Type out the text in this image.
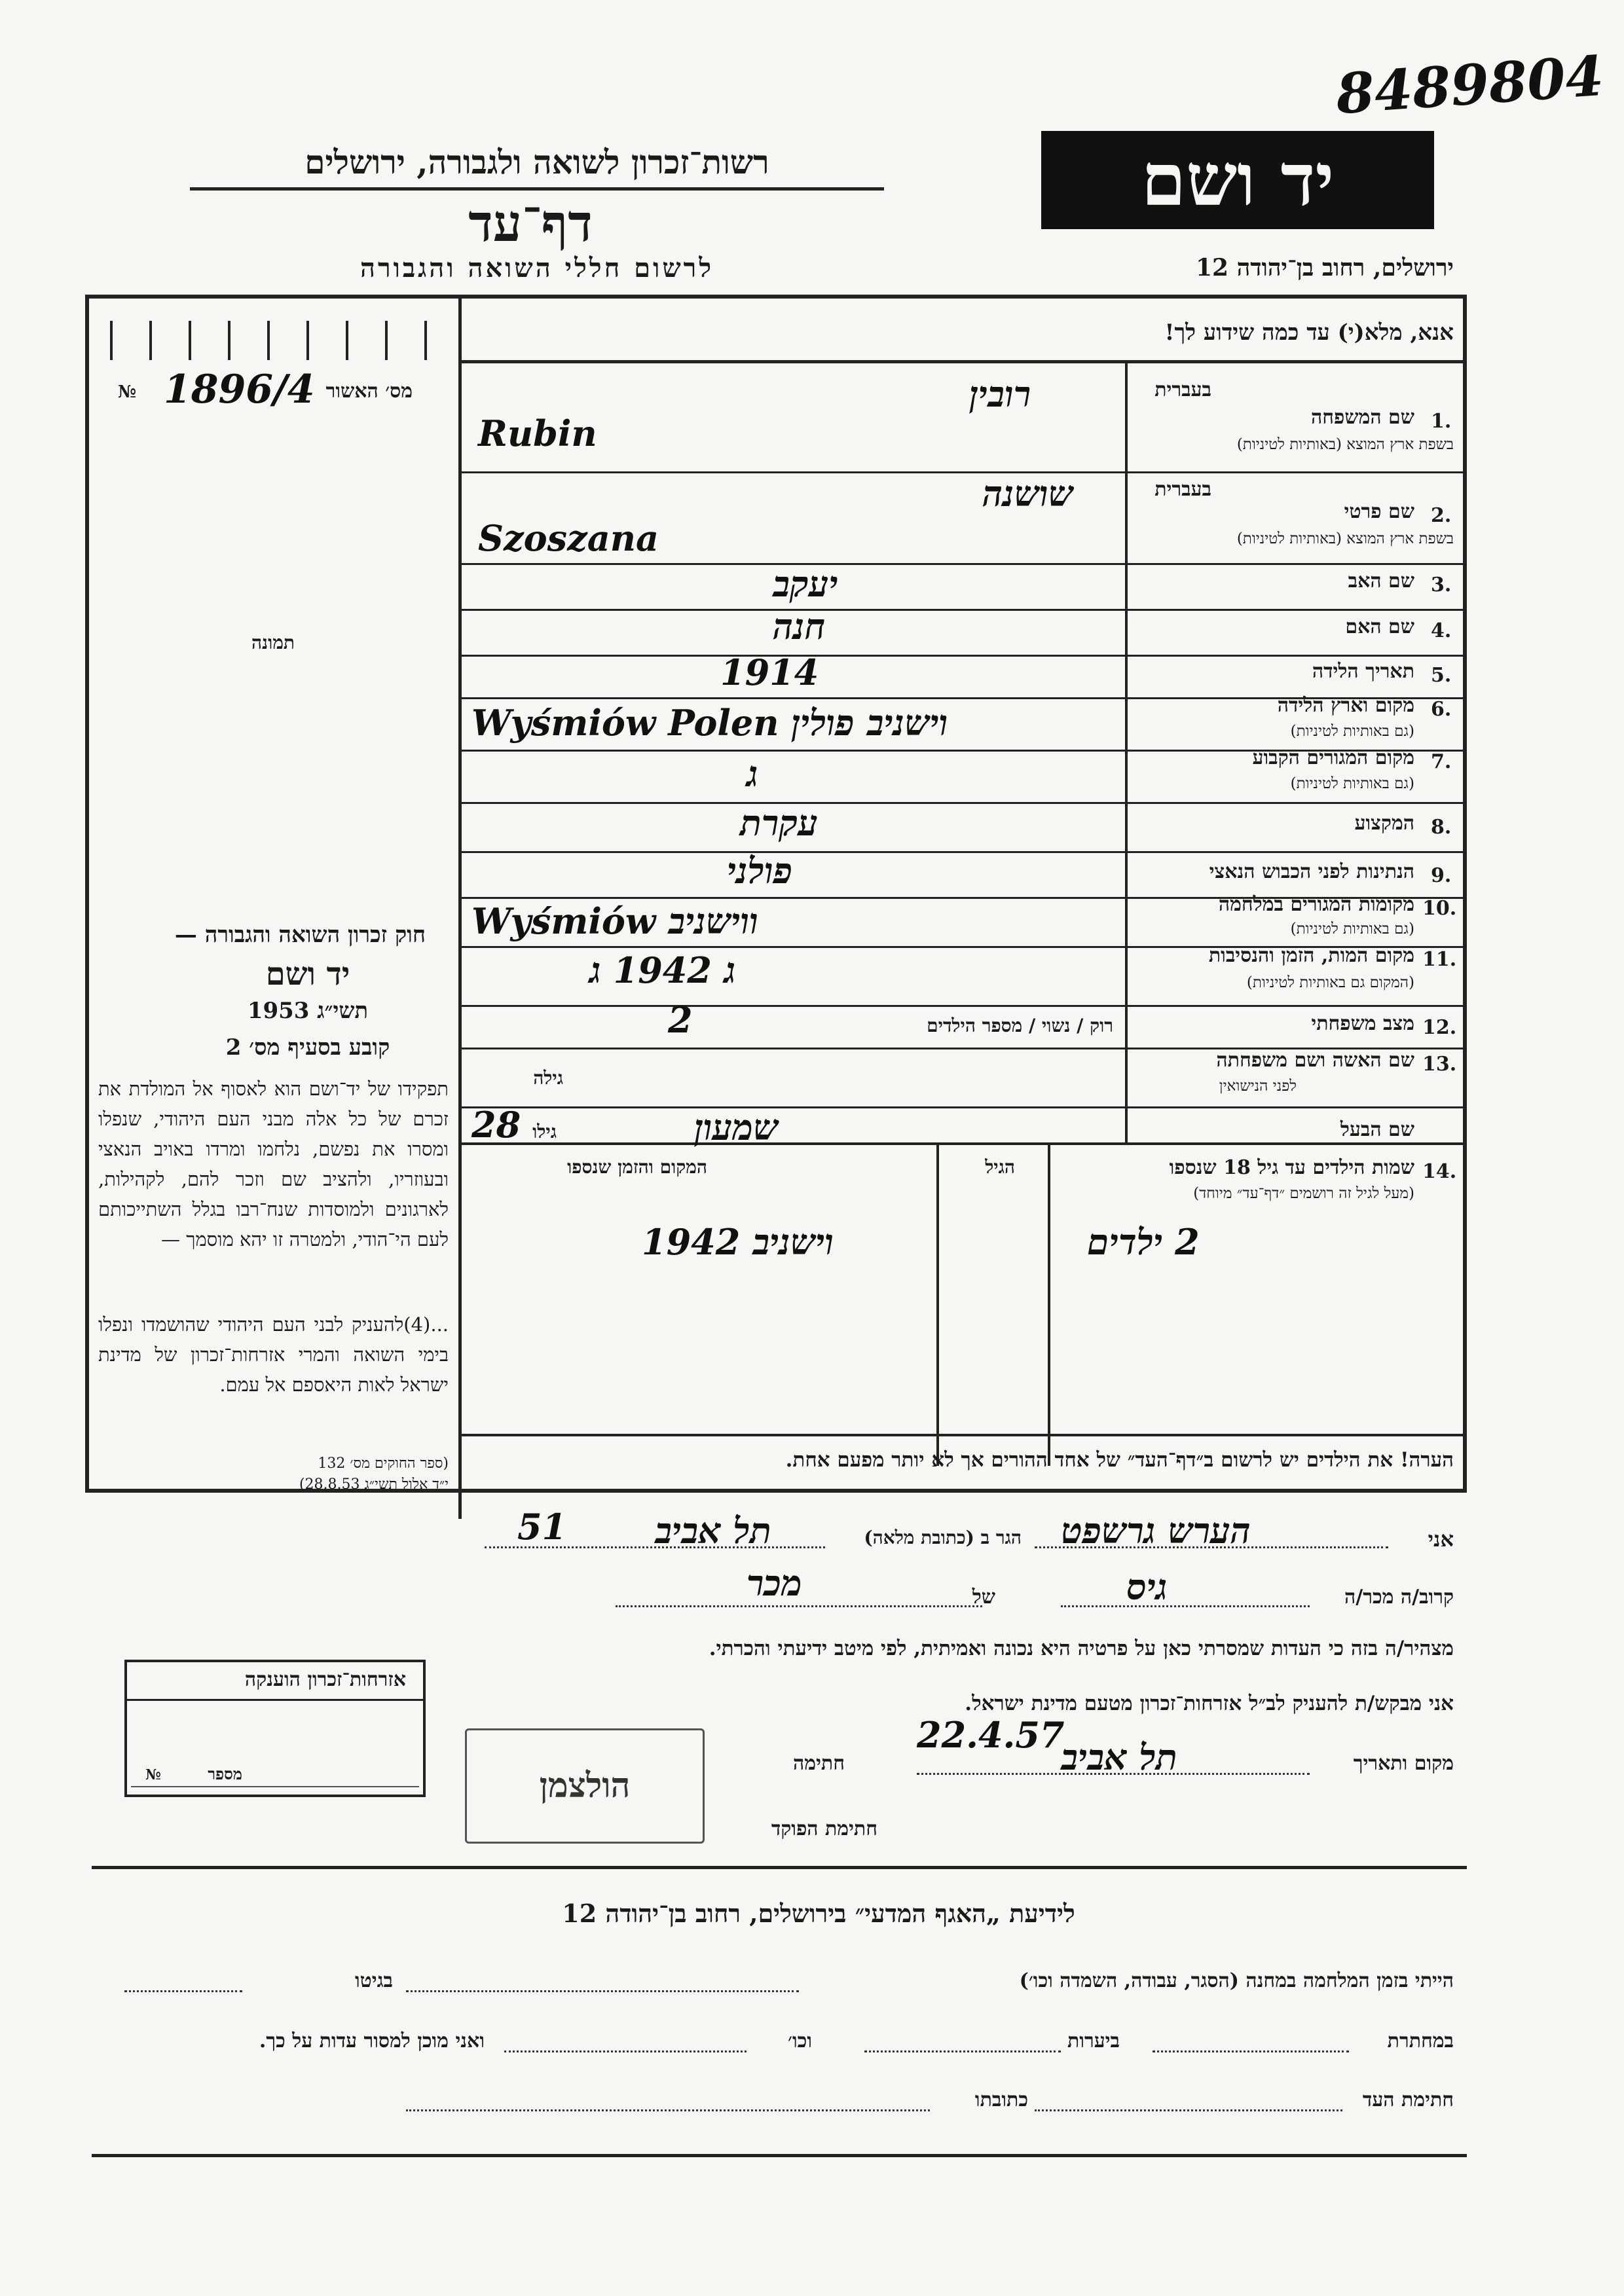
8489804
רשות־זכרון לשואה ולגבורה, ירושלים
דף־עד
לרשום חללי השואה והגבורה
יד ושם
ירושלים, רחוב בן־יהודה 12
מס׳ האשור
№ 1896/4
תמונה
חוק זכרון השואה והגבורה —
יד ושם
תשי״ג 1953
קובע בסעיף מס׳ 2
תפקידו של יד־ושם הוא לאסוף אל המולדת את זכרם של כל אלה מבני העם היהודי, שנפלו ומסרו את נפשם, נלחמו ומרדו באויב הנאצי ובעוזריו, ולהציב שם וזכר להם, לקהילות, לארגונים ולמוסדות שנח־רבו בגלל השתייכותם לעם הי־הודי, ולמטרה זו יהא מוסמך —
...(4)להעניק לבני העם היהודי שהושמדו ונפלו בימי השואה והמרי אזרחות־זכרון של מדינת ישראל לאות היאספם אל עמם.
(ספר החוקים מס׳ 132
י״ד אלול תשי״ג 28.8.53)
אנא, מלא(י) עד כמה שידוע לך!
1.
שם המשפחה
בשפת ארץ המוצא (באותיות לטיניות)
בעברית
רובין
Rubin
2.
שם פרטי
בשפת ארץ המוצא (באותיות לטיניות)
בעברית
שושנה
Szoszana
3.
שם האב
יעקב
4.
שם האם
חנה
5.
תאריך הלידה
1914
6.
מקום וארץ הלידה
(גם באותיות לטיניות)
וישניב פולין Wyśmiów Polen
7.
מקום המגורים הקבוע
(גם באותיות לטיניות)
ג
8.
המקצוע
עקרת
9.
הנתינות לפני הכבוש הנאצי
פולני
10.
מקומות המגורים במלחמה
(גם באותיות לטיניות)
ווישניב Wyśmiów
11.
מקום המות, הזמן והנסיבות
(המקום גם באותיות לטיניות)
ג 1942 ג
12.
מצב משפחתי
רוק / נשוי / מספר הילדים
2
13.
שם האשה ושם משפחתה
לפני הנישואין
גילה
שם הבעל
גילו	שמעון
28
14.
שמות הילדים עד גיל 18 שנספו
(מעל לגיל זה רושמים ״דף־עד״ מיוחד)
הגיל
המקום והזמן שנספו
2 ילדים
וישניב 1942
הערה! את הילדים יש לרשום ב״דף־העד״ של אחד ההורים אך לא יותר מפעם אחת.
אני
הערש גרשפט
הגר ב (כתובת מלאה)
תל אביב
51
קרוב/ה מכר/ה
גיס
של
מכר
מצהיר/ה בזה כי העדות שמסרתי כאן על פרטיה היא נכונה ואמיתית, לפי מיטב ידיעתי והכרתי.
אני מבקש/ת להעניק לב״ל אזרחות־זכרון מטעם מדינת ישראל.
מקום ותאריך
תל אביב
22.4.57
חתימה
חתימת הפוקד
הולצמן
אזרחות־זכרון הוענקה
מספר
№
לידיעת „האגף המדעי״ בירושלים, רחוב בן־יהודה 12
הייתי בזמן המלחמה במחנה (הסגר, עבודה, השמדה וכו׳)
בגיטו
במחתרת
ביערות
וכו׳
ואני מוכן למסור עדות על כך.
חתימת העד
כתובתו
